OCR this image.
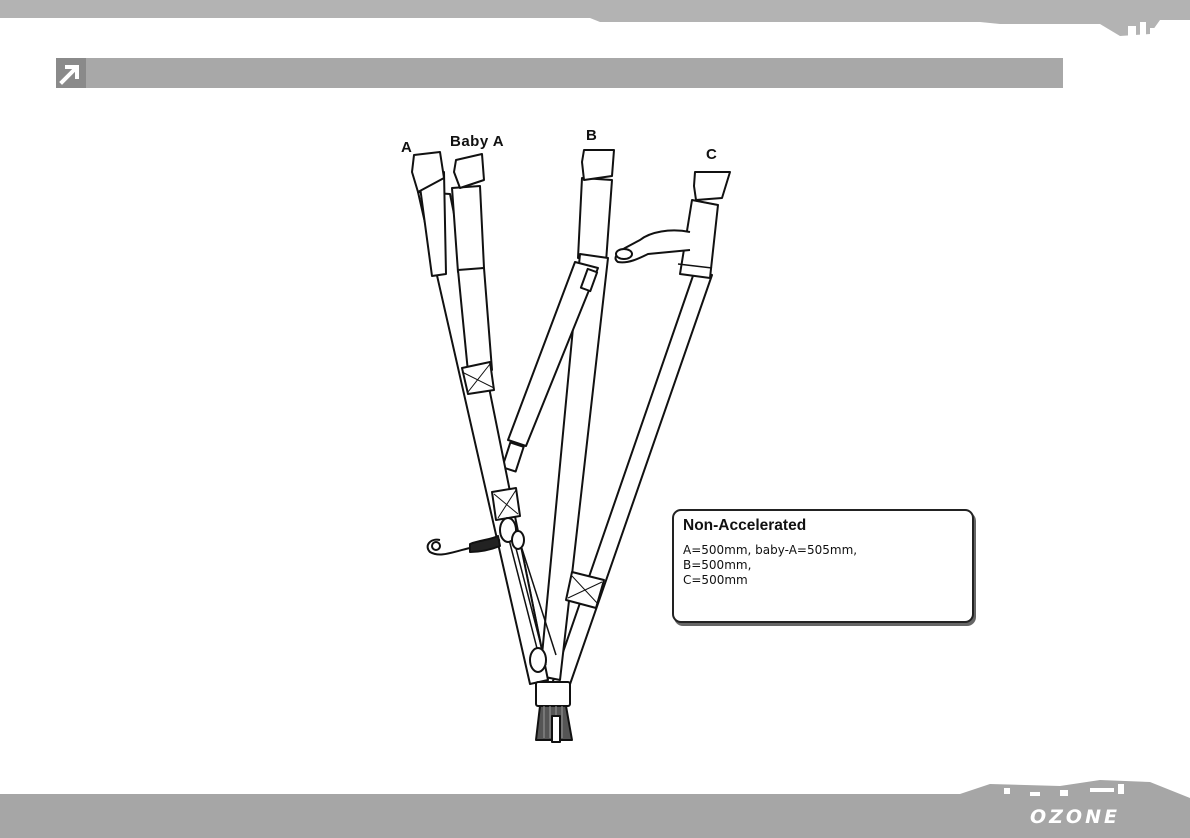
A	Baby A	B
C
Non-Accelerated
A=500mm, baby-A=505mm,
B=500mm,
C=500mm
OZONE
